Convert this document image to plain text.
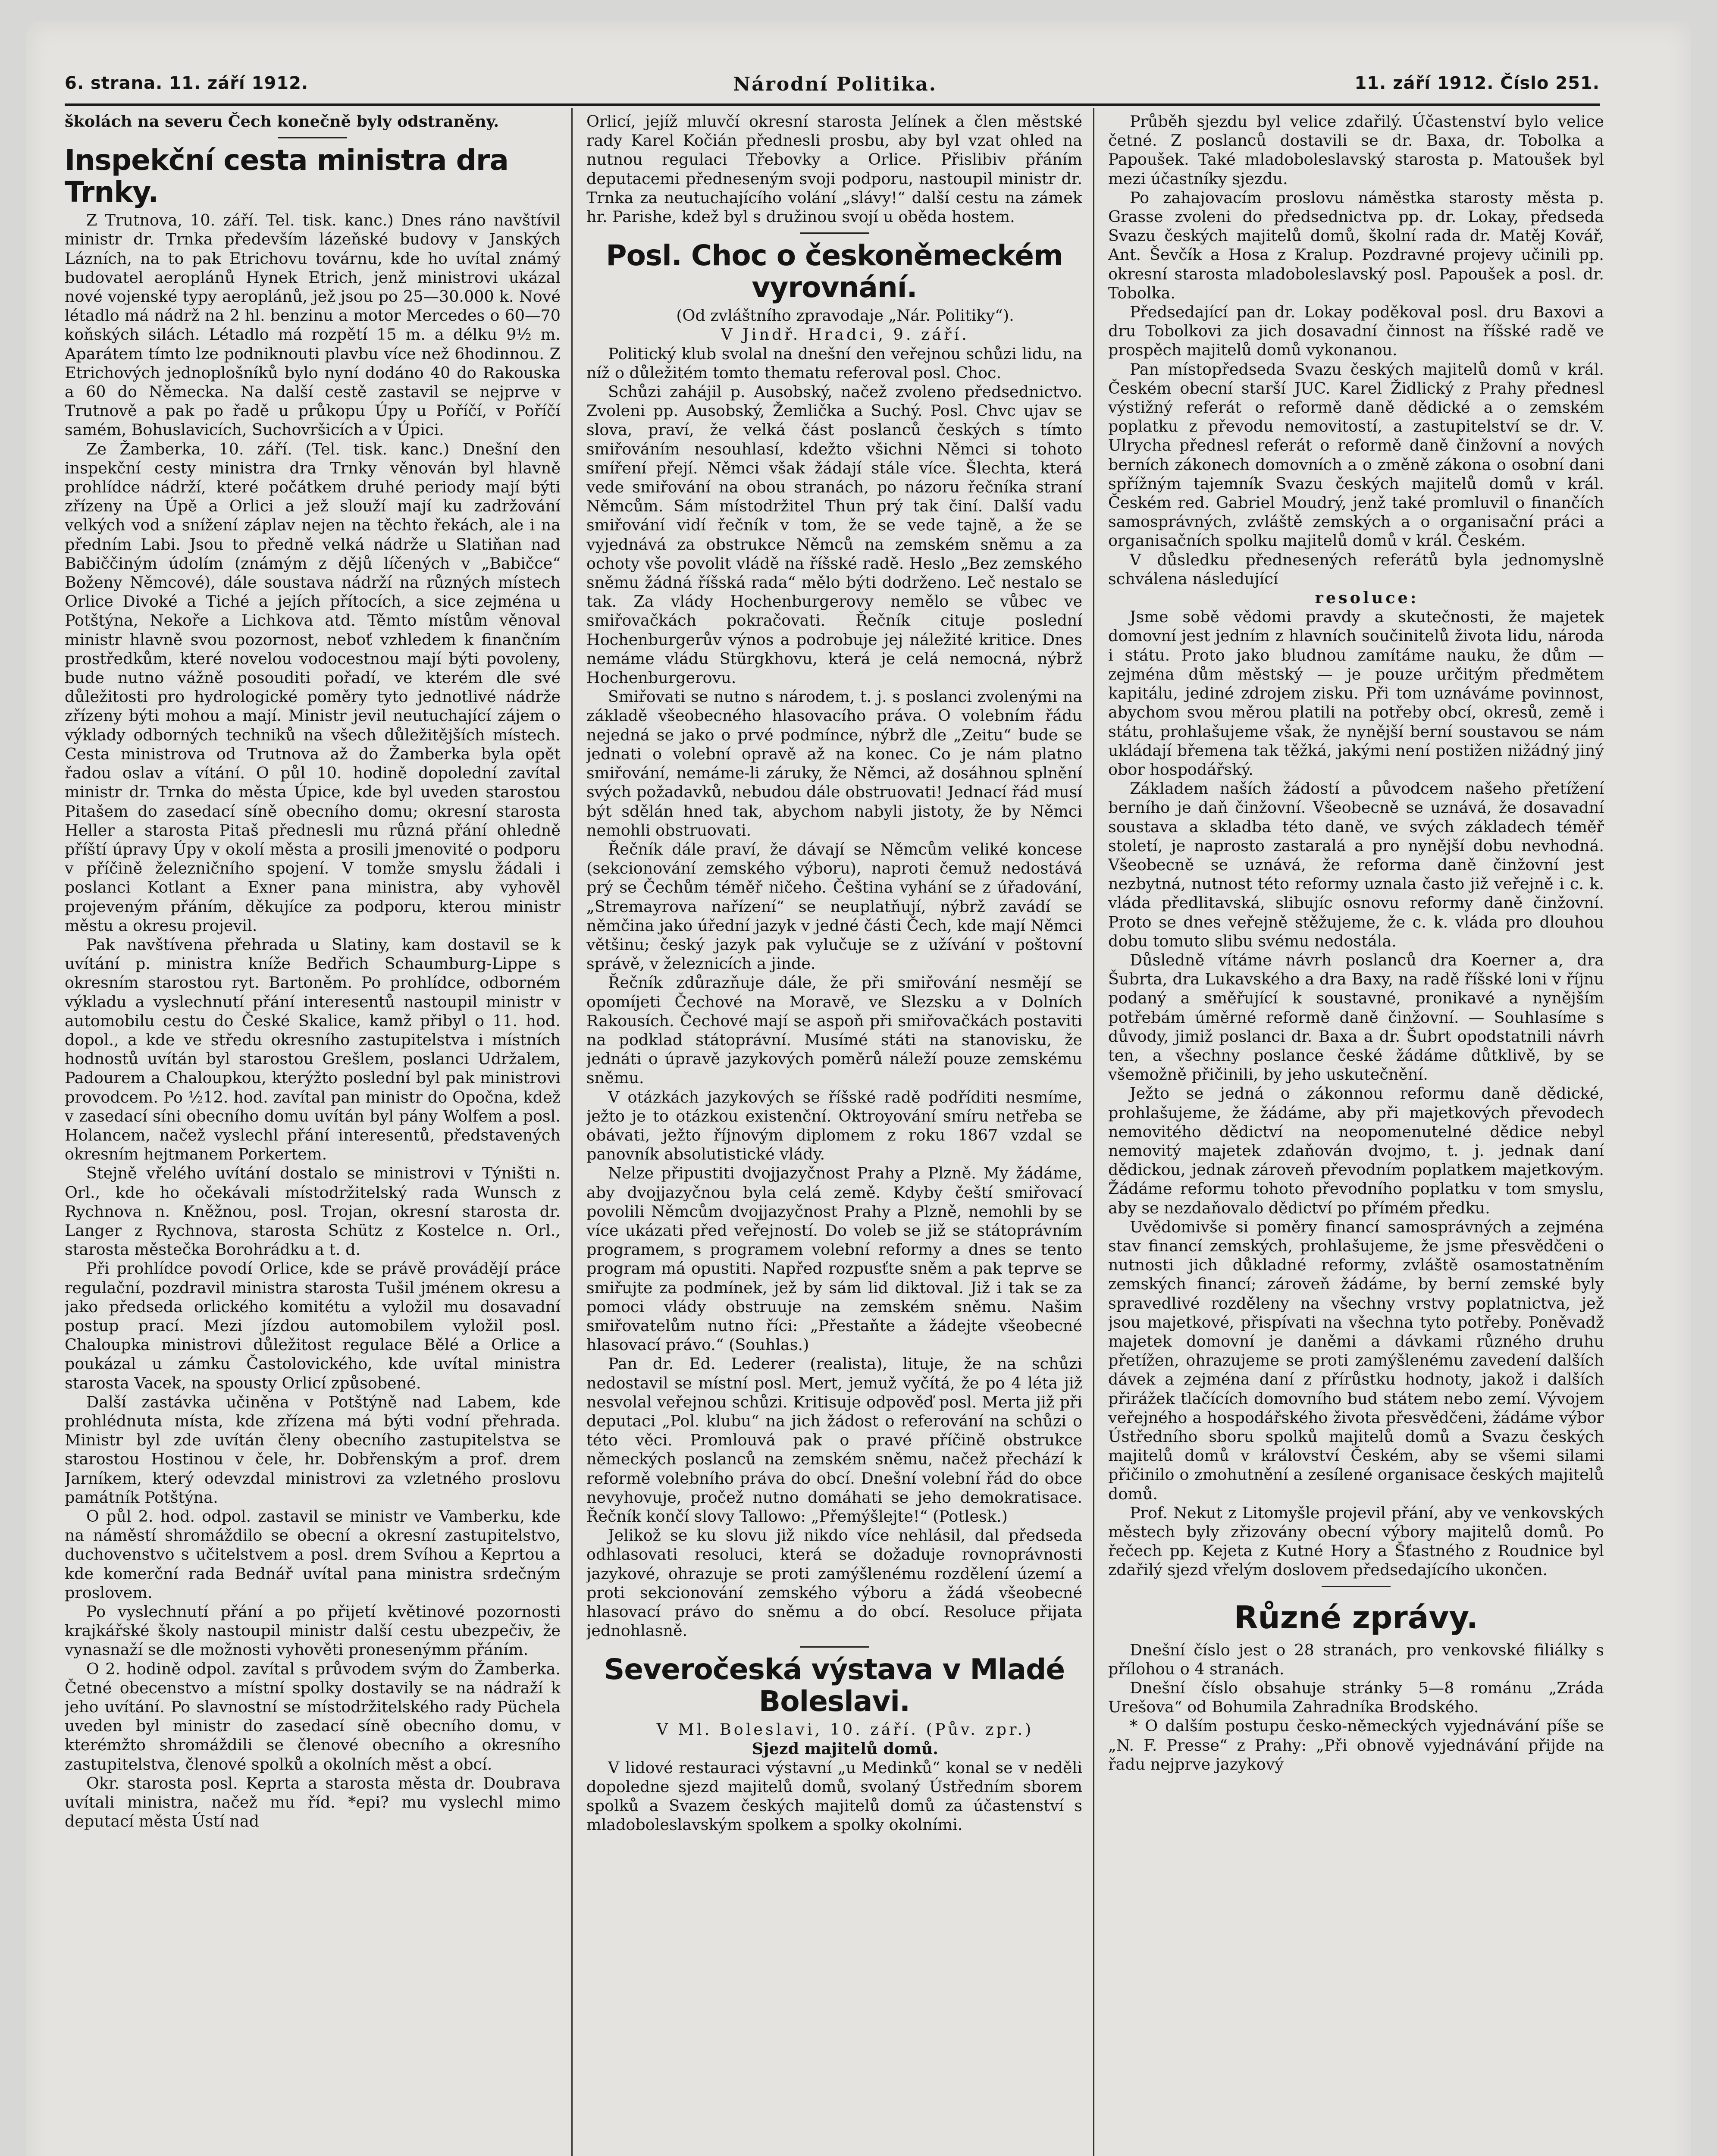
6. strana. 11. září 1912.	Národní Politika.	11. září 1912. Číslo 251.

školách na severu Čech konečně byly odstraněny.

Inspekční cesta ministra dra Trnky.

Z Trutnova, 10. září. Tel. tisk. kanc.) Dnes ráno navštívil ministr dr. Trnka především lázeňské budovy v Janských Lázních, na to pak Etrichovu továrnu, kde ho uvítal známý budovatel aeroplánů Hynek Etrich, jenž ministrovi ukázal nové vojenské typy aeroplánů, jež jsou po 25—30.000 k. Nové létadlo má nádrž na 2 hl. benzinu a motor Mercedes o 60—70 koňských silách. Létadlo má rozpětí 15 m. a délku 9½ m. Aparátem tímto lze podniknouti plavbu více než 6hodinnou. Z Etrichových jednoplošníků bylo nyní dodáno 40 do Rakouska a 60 do Německa. Na další cestě zastavil se nejprve v Trutnově a pak po řadě u průkopu Úpy u Poříčí, v Poříčí samém, Bohuslavicích, Suchovršicích a v Úpici.

Ze Žamberka, 10. září. (Tel. tisk. kanc.) Dnešní den inspekční cesty ministra dra Trnky věnován byl hlavně prohlídce nádrží, které počátkem druhé periody mají býti zřízeny na Úpě a Orlici a jež slouží mají ku zadržování velkých vod a snížení záplav nejen na těchto řekách, ale i na předním Labi. Jsou to předně velká nádrže u Slatiňan nad Babiččiným údolím (známým z dějů líčených v „Babičce“ Boženy Němcové), dále soustava nádrží na různých místech Orlice Divoké a Tiché a jejích přítocích, a sice zejména u Potštýna, Nekoře a Lichkova atd. Těmto místům věnoval ministr hlavně svou pozornost, neboť vzhledem k finančním prostředkům, které novelou vodocestnou mají býti povoleny, bude nutno vážně posouditi pořadí, ve kterém dle své důležitosti pro hydrologické poměry tyto jednotlivé nádrže zřízeny býti mohou a mají. Ministr jevil neutuchající zájem o výklady odborných techniků na všech důležitějších místech. Cesta ministrova od Trutnova až do Žamberka byla opět řadou oslav a vítání. O půl 10. hodině dopolední zavítal ministr dr. Trnka do města Úpice, kde byl uveden starostou Pitašem do zasedací síně obecního domu; okresní starosta Heller a starosta Pitaš přednesli mu různá přání ohledně příští úpravy Úpy v okolí města a prosili jmenovité o podporu v příčině železničního spojení. V tomže smyslu žádali i poslanci Kotlant a Exner pana ministra, aby vyhověl projeveným přáním, děkujíce za podporu, kterou ministr městu a okresu projevil.

Pak navštívena přehrada u Slatiny, kam dostavil se k uvítání p. ministra kníže Bedřich Schaumburg-Lippe s okresním starostou ryt. Bartoněm. Po prohlídce, odborném výkladu a vyslechnutí přání interesentů nastoupil ministr v automobilu cestu do České Skalice, kamž přibyl o 11. hod. dopol., a kde ve středu okresního zastupitelstva i místních hodnostů uvítán byl starostou Grešlem, poslanci Udržalem, Padourem a Chaloupkou, kterýžto poslední byl pak ministrovi provodcem. Po ½12. hod. zavítal pan ministr do Opočna, kdež v zasedací síni obecního domu uvítán byl pány Wolfem a posl. Holancem, načež vyslechl přání interesentů, představených okresním hejtmanem Porkertem.

Stejně vřelého uvítání dostalo se ministrovi v Týništi n. Orl., kde ho očekávali místodržitelský rada Wunsch z Rychnova n. Kněžnou, posl. Trojan, okresní starosta dr. Langer z Rychnova, starosta Schütz z Kostelce n. Orl., starosta městečka Borohrádku a t. d.

Při prohlídce povodí Orlice, kde se právě provádějí práce regulační, pozdravil ministra starosta Tušil jménem okresu a jako předseda orlického komitétu a vyložil mu dosavadní postup prací. Mezi jízdou automobilem vyložil posl. Chaloupka ministrovi důležitost regulace Bělé a Orlice a poukázal u zámku Častolovického, kde uvítal ministra starosta Vacek, na spousty Orlicí způsobené.

Další zastávka učiněna v Potštýně nad Labem, kde prohlédnuta místa, kde zřízena má býti vodní přehrada. Ministr byl zde uvítán členy obecního zastupitelstva se starostou Hostinou v čele, hr. Dobřenským a prof. drem Jarníkem, který odevzdal ministrovi za vzletného proslovu památník Potštýna.

O půl 2. hod. odpol. zastavil se ministr ve Vamberku, kde na náměstí shromáždilo se obecní a okresní zastupitelstvo, duchovenstvo s učitelstvem a posl. drem Svíhou a Keprtou a kde komerční rada Bednář uvítal pana ministra srdečným proslovem.

Po vyslechnutí přání a po přijetí květinové pozornosti krajkářské školy nastoupil ministr další cestu ubezpečiv, že vynasnaží se dle možnosti vyhověti pronesenýmm přáním.

O 2. hodině odpol. zavítal s průvodem svým do Žamberka. Četné obecenstvo a místní spolky dostavily se na nádraží k jeho uvítání. Po slavnostní se místodržitelského rady Püchela uveden byl ministr do zasedací síně obecního domu, v kterémžto shromáždili se členové obecního a okresního zastupitelstva, členové spolků a okolních měst a obcí.

Okr. starosta posl. Keprta a starosta města dr. Doubrava uvítali ministra, načež mu říd. *epi? mu vyslechl mimo deputací města Ústí nad

Orlicí, jejíž mluvčí okresní starosta Jelínek a člen městské rady Karel Kočián přednesli prosbu, aby byl vzat ohled na nutnou regulaci Třebovky a Orlice. Přislibiv přáním deputacemi předneseným svoji podporu, nastoupil ministr dr. Trnka za neutuchajícího volání „slávy!“ další cestu na zámek hr. Parishe, kdež byl s družinou svojí u oběda hostem.

Posl. Choc o českoněmeckém vyrovnání.

(Od zvláštního zpravodaje „Nár. Politiky“).

V Jindř. Hradci, 9. září.

Politický klub svolal na dnešní den veřejnou schůzi lidu, na níž o důležitém tomto thematu referoval posl. Choc.

Schůzi zahájil p. Ausobský, načež zvoleno předsednictvo. Zvoleni pp. Ausobský, Žemlička a Suchý. Posl. Chvc ujav se slova, praví, že velká část poslanců českých s tímto smiřováním nesouhlasí, kdežto všichni Němci si tohoto smíření přejí. Němci však žádají stále více. Šlechta, která vede smiřování na obou stranách, po názoru řečníka straní Němcům. Sám místodržitel Thun prý tak činí. Další vadu smiřování vidí řečník v tom, že se vede tajně, a že se vyjednává za obstrukce Němců na zemském sněmu a za ochoty vše povolit vládě na říšské radě. Heslo „Bez zemského sněmu žádná říšská rada“ mělo býti dodrženo. Leč nestalo se tak. Za vlády Hochenburgerovy nemělo se vůbec ve smiřovačkách pokračovati. Řečník cituje poslední Hochenburgerův výnos a podrobuje jej náležité kritice. Dnes nemáme vládu Stürgkhovu, která je celá nemocná, nýbrž Hochenburgerovu.

Smiřovati se nutno s národem, t. j. s poslanci zvolenými na základě všeobecného hlasovacího práva. O volebním řádu nejedná se jako o prvé podmínce, nýbrž dle „Zeitu“ bude se jednati o volební opravě až na konec. Co je nám platno smiřování, nemáme-li záruky, že Němci, až dosáhnou splnění svých požadavků, nebudou dále obstruovati! Jednací řád musí být sdělán hned tak, abychom nabyli jistoty, že by Němci nemohli obstruovati.

Řečník dále praví, že dávají se Němcům veliké koncese (sekcionování zemského výboru), naproti čemuž nedostává prý se Čechům téměř ničeho. Čeština vyhání se z úřadování, „Stremayrova nařízení“ se neuplatňují, nýbrž zavádí se němčina jako úřední jazyk v jedné části Čech, kde mají Němci většinu; český jazyk pak vylučuje se z užívání v poštovní správě, v železnicích a jinde.

Řečník zdůrazňuje dále, že při smiřování nesmějí se opomíjeti Čechové na Moravě, ve Slezsku a v Dolních Rakousích. Čechové mají se aspoň při smiřovačkách postaviti na podklad státoprávní. Musímé státi na stanovisku, že jednáti o úpravě jazykových poměrů náleží pouze zemskému sněmu.

V otázkách jazykových se říšské radě podříditi nesmíme, ježto je to otázkou existenční. Oktroyování smíru netřeba se obávati, ježto říjnovým diplomem z roku 1867 vzdal se panovník absolutistické vlády.

Nelze připustiti dvojjazyčnost Prahy a Plzně. My žádáme, aby dvojjazyčnou byla celá země. Kdyby čeští smiřovací povolili Němcům dvojjazyčnost Prahy a Plzně, nemohli by se více ukázati před veřejností. Do voleb se již se státoprávním programem, s programem volební reformy a dnes se tento program má opustiti. Napřed rozpusťte sněm a pak teprve se smiřujte za podmínek, jež by sám lid diktoval. Již i tak se za pomoci vlády obstruuje na zemském sněmu. Našim smiřovatelům nutno říci: „Přestaňte a žádejte všeobecné hlasovací právo.“ (Souhlas.)

Pan dr. Ed. Lederer (realista), lituje, že na schůzi nedostavil se místní posl. Mert, jemuž vyčítá, že po 4 léta již nesvolal veřejnou schůzi. Kritisuje odpověď posl. Merta již při deputaci „Pol. klubu“ na jich žádost o referování na schůzi o této věci. Promlouvá pak o pravé příčině obstrukce německých poslanců na zemském sněmu, načež přechází k reformě volebního práva do obcí. Dnešní volební řád do obce nevyhovuje, pročež nutno domáhati se jeho demokratisace. Řečník končí slovy Tallowo: „Přemýšlejte!“ (Potlesk.)

Jelikož se ku slovu již nikdo více nehlásil, dal předseda odhlasovati resoluci, která se dožaduje rovnoprávnosti jazykové, ohrazuje se proti zamýšlenému rozdělení území a proti sekcionování zemského výboru a žádá všeobecné hlasovací právo do sněmu a do obcí. Resoluce přijata jednohlasně.

Severočeská výstava v Mladé Boleslavi.

V Ml. Boleslavi, 10. září. (Pův. zpr.)

Sjezd majitelů domů.

V lidové restauraci výstavní „u Medinků“ konal se v neděli dopoledne sjezd majitelů domů, svolaný Ústředním sborem spolků a Svazem českých majitelů domů za účastenství s mladoboleslavským spolkem a spolky okolními.

Průběh sjezdu byl velice zdařilý. Účastenství bylo velice četné. Z poslanců dostavili se dr. Baxa, dr. Tobolka a Papoušek. Také mladoboleslavský starosta p. Matoušek byl mezi účastníky sjezdu.

Po zahajovacím proslovu náměstka starosty města p. Grasse zvoleni do předsednictva pp. dr. Lokay, předseda Svazu českých majitelů domů, školní rada dr. Matěj Kovář, Ant. Ševčík a Hosa z Kralup. Pozdravné projevy učinili pp. okresní starosta mladoboleslavský posl. Papoušek a posl. dr. Tobolka.

Předsedající pan dr. Lokay poděkoval posl. dru Baxovi a dru Tobolkovi za jich dosavadní činnost na říšské radě ve prospěch majitelů domů vykonanou.

Pan místopředseda Svazu českých majitelů domů v král. Českém obecní starší JUC. Karel Židlický z Prahy přednesl výstižný referát o reformě daně dědické a o zemském poplatku z převodu nemovitostí, a zastupitelství se dr. V. Ulrycha přednesl referát o reformě daně činžovní a nových berních zákonech domovních a o změně zákona o osobní dani spřížným tajemník Svazu českých majitelů domů v král. Českém red. Gabriel Moudrý, jenž také promluvil o finančích samosprávných, zvláště zemských a o organisační práci a organisačních spolku majitelů domů v král. Českém.

V důsledku přednesených referátů byla jednomyslně schválena následující

resoluce:

Jsme sobě vědomi pravdy a skutečnosti, že majetek domovní jest jedním z hlavních součinitelů života lidu, národa i státu. Proto jako bludnou zamítáme nauku, že dům — zejména dům městský — je pouze určitým předmětem kapitálu, jediné zdrojem zisku. Při tom uznáváme povinnost, abychom svou měrou platili na potřeby obcí, okresů, země i státu, prohlašujeme však, že nynější berní soustavou se nám ukládají břemena tak těžká, jakými není postižen nižádný jiný obor hospodářský.

Základem naších žádostí a původcem našeho přetížení berního je daň činžovní. Všeobecně se uznává, že dosavadní soustava a skladba této daně, ve svých základech téměř století, je naprosto zastaralá a pro nynější dobu nevhodná. Všeobecně se uznává, že reforma daně činžovní jest nezbytná, nutnost této reformy uznala často již veřejně i c. k. vláda předlitavská, slibujíc osnovu reformy daně činžovní. Proto se dnes veřejně stěžujeme, že c. k. vláda pro dlouhou dobu tomuto slibu svému nedostála.

Důsledně vítáme návrh poslanců dra Koerner a, dra Šubrta, dra Lukavského a dra Baxy, na radě říšské loni v říjnu podaný a směřující k soustavné, pronikavé a nynějším potřebám úměrné reformě daně činžovní. — Souhlasíme s důvody, jimiž poslanci dr. Baxa a dr. Šubrt opodstatnili návrh ten, a všechny poslance české žádáme důtklivě, by se všemožně přičinili, by jeho uskutečnění.

Ježto se jedná o zákonnou reformu daně dědické, prohlašujeme, že žádáme, aby při majetkových převodech nemovitého dědictví na neopomenutelné dědice nebyl nemovitý majetek zdaňován dvojmo, t. j. jednak daní dědickou, jednak zároveň převodním poplatkem majetkovým. Žádáme reformu tohoto převodního poplatku v tom smyslu, aby se nezdaňovalo dědictví po přímém předku.

Uvědomivše si poměry financí samosprávných a zejména stav financí zemských, prohlašujeme, že jsme přesvědčeni o nutnosti jich důkladné reformy, zvláště osamostatněním zemských financí; zároveň žádáme, by berní zemské byly spravedlivé rozděleny na všechny vrstvy poplatnictva, jež jsou majetkové, přispívati na všechna tyto potřeby. Poněvadž majetek domovní je daněmi a dávkami různého druhu přetížen, ohrazujeme se proti zamýšlenému zavedení dalších dávek a zejména daní z přírůstku hodnoty, jakož i dalších přirážek tlačících domovního bud státem nebo zemí. Vývojem veřejného a hospodářského života přesvědčeni, žádáme výbor Ústředního sboru spolků majitelů domů a Svazu českých majitelů domů v království Českém, aby se všemi silami přičinilo o zmohutnění a zesílené organisace českých majitelů domů.

Prof. Nekut z Litomyšle projevil přání, aby ve venkovských městech byly zřizovány obecní výbory majitelů domů. Po řečech pp. Kejeta z Kutné Hory a Šťastného z Roudnice byl zdařilý sjezd vřelým doslovem předsedajícího ukončen.

Různé zprávy.

Dnešní číslo jest o 28 stranách, pro venkovské filiálky s přílohou o 4 stranách.

Dnešní číslo obsahuje stránky 5—8 románu „Zráda Urešova“ od Bohumila Zahradníka Brodského.

* O dalším postupu česko-německých vyjednávání píše se „N. F. Presse“ z Prahy: „Při obnově vyjednávání přijde na řadu nejprve jazykový
